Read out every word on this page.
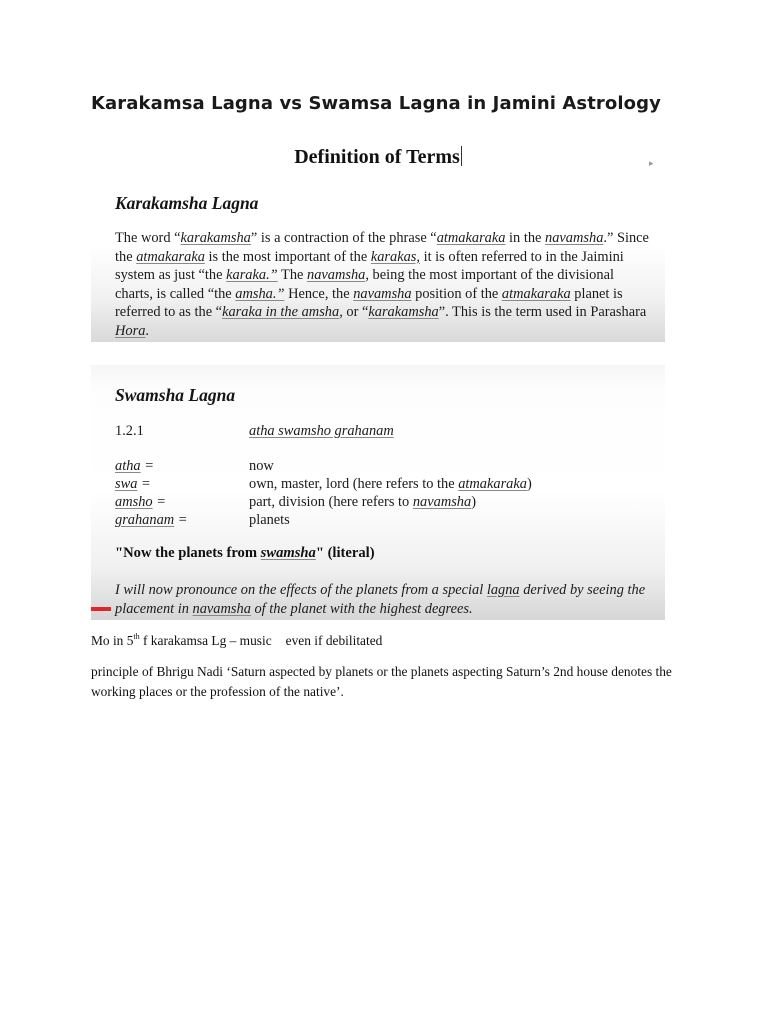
Karakamsa Lagna vs Swamsa Lagna in Jamini Astrology
Definition of Terms	▸
Karakamsha Lagna

The word “karakamsha” is a contraction of the phrase “atmakaraka in the navamsha.” Since the atmakaraka is the most important of the karakas, it is often referred to in the Jaimini system as just “the karaka.” The navamsha, being the most important of the divisional charts, is called “the amsha.” Hence, the navamsha position of the atmakaraka planet is referred to as the “karaka in the amsha, or “karakamsha”. This is the term used in Parashara Hora.

Swamsha Lagna
1.2.1	atha swamsho grahanam
atha =	now
swa =	own, master, lord (here refers to the atmakaraka)
amsho =	part, division (here refers to navamsha)
grahanam =	planets
"Now the planets from swamsha" (literal)

I will now pronounce on the effects of the planets from a special lagna derived by seeing the placement in navamsha of the planet with the highest degrees.

Mo in 5th f karakamsa Lg – music even if debilitated

principle of Bhrigu Nadi ‘Saturn aspected by planets or the planets aspecting Saturn’s 2nd house denotes the working places or the profession of the native’.
